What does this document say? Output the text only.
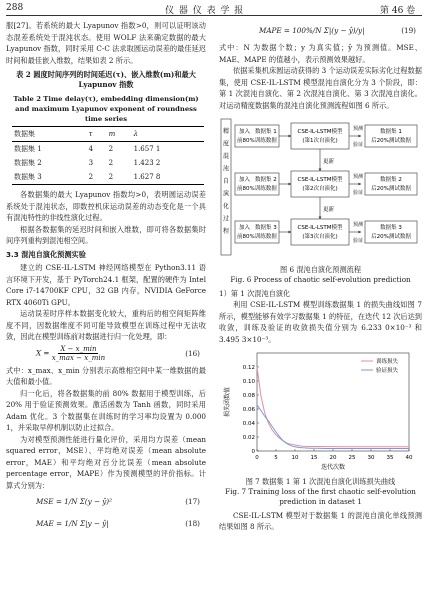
288	仪 器 仪 表 学 报	第 46 卷

服[27]。若系统的最大 Lyapunov 指数>0，则可以证明该动态混差系统处于混沌状态。使用 WOLF 法来确定数据的最大 Lyapunov 指数，同时采用 C-C 法求取圆运动误差的最佳延迟时间和最佳嵌入维数，结果如表 2 所示。

表 2 圆度时间序列的时间延迟(τ)、嵌入维数(m)和最大 Lyapunov 指数
Table 2 Time delay(τ), embedding dimension(m) and maximum Lyapunov exponent of roundness time series
数据集	τ	m	λ
数据集 1	4	2	1.657 1
数据集 2	3	2	1.423 2
数据集 3	2	2	1.627 8

各数据集的最大 Lyapunov 指数均>0，表明圆运动误差系统处于混沌状态，即数控机床运动误差的动态变化是一个具有混沌特性的非线性演化过程。

根据各数据集的延迟时间和嵌入维数，即可将各数据集时间序列重构到混沌相空间。

3.3 混沌自演化预测实验

建立的 CSE-IL-LSTM 神经网络模型在 Python3.11 语言环境下开发，基于 PyTorch24.1 框架，配置的硬件为 Intel Core i7-14700KF CPU，32 GB 内存，NVIDIA GeForce RTX 4060Ti GPU。

运动误差时序样本数据变化较大，重构后的相空间矩阵维度不同，因数据维度不同可能导致模型在训练过程中无法收敛，因此在模型训练前对数据进行归一化处理，即：

$X = \frac{X - x\_\min}{x\_\max - x\_\min}$	(16)

式中：x_max、x_min 分别表示高维相空间中某一维数据的最大值和最小值。

归一化后，将各数据集的前 80% 数据用于模型训练，后 20% 用于验证预测效果。激活函数为 Tanh 函数，同时采用 Adam 优化。3 个数据集在训练时的学习率均设置为 0.000 1，并采取早停机制以防止过拟合。

为对模型预测性能进行量化评价，采用均方误差（mean squared error，MSE）、平均绝对误差（mean absolute error，MAE）和平均绝对百分比误差（mean absolute percentage error，MAPE）作为预测模型的评价指标。计算式分别为：

MSE = 1/N Σ(y − ŷ)²	(17)
MAE = 1/N Σ|y − ŷ|	(18)
MAPE = 100%/N Σ|(y − ŷ)/y|	(19)

式中：N 为数据个数；y 为真实值；ŷ 为预测值。MSE、MAE、MAPE 的值越小，表示预测效果越好。

依据采集机床圆运动获得的 3 个运动误差实际劣化过程数据集，使用 CSE-IL-LSTM 模型混沌自演化分为 3 个阶段，即：第 1 次混沌自演化、第 2 次混沌自演化、第 3 次混沌自演化。对运动精度数据集的混沌自演化预测流程如图 6 所示。

精
度
混
沌
自
演
化
过
程
加入
前80%训练数据
数据集 1	CSE-IL-LSTM模型
(第1次自演化)
预测
验证
数据集 1
后20%测试数据
更新
加入
前80%训练数据
数据集 2	CSE-IL-LSTM模型
(第2次自演化)
预测
验证
数据集 2
后20%测试数据
更新
加入
前80%训练数据
数据集 3	CSE-IL-LSTM模型
(第3次自演化)
预测
验证
数据集 3
后20%测试数据
图 6 混沌自演化预测流程
Fig. 6 Process of chaotic self-evolution prediction

1）第 1 次混沌自演化

利用 CSE-IL-LSTM 模型训练数据集 1 的损失曲线如图 7 所示，模型能够有效学习数据集 1 的特征，在迭代 12 次后达到收敛，训练及验证的收敛损失值分别为 6.233 0×10⁻³ 和 3.495 3×10⁻³。

0	5	10 15 20 25 30 35 40
0
0.02
0.04
0.06
0.08
0.10
0.12
迭代次数
损失函数值
训练损失
验证损失
图 7 数据集 1 第 1 次混沌自演化训练损失曲线
Fig. 7 Training loss of the first chaotic self-evolution prediction in dataset 1

CSE-IL-LSTM 模型对于数据集 1 的混沌自演化单线预测结果如图 8 所示。
